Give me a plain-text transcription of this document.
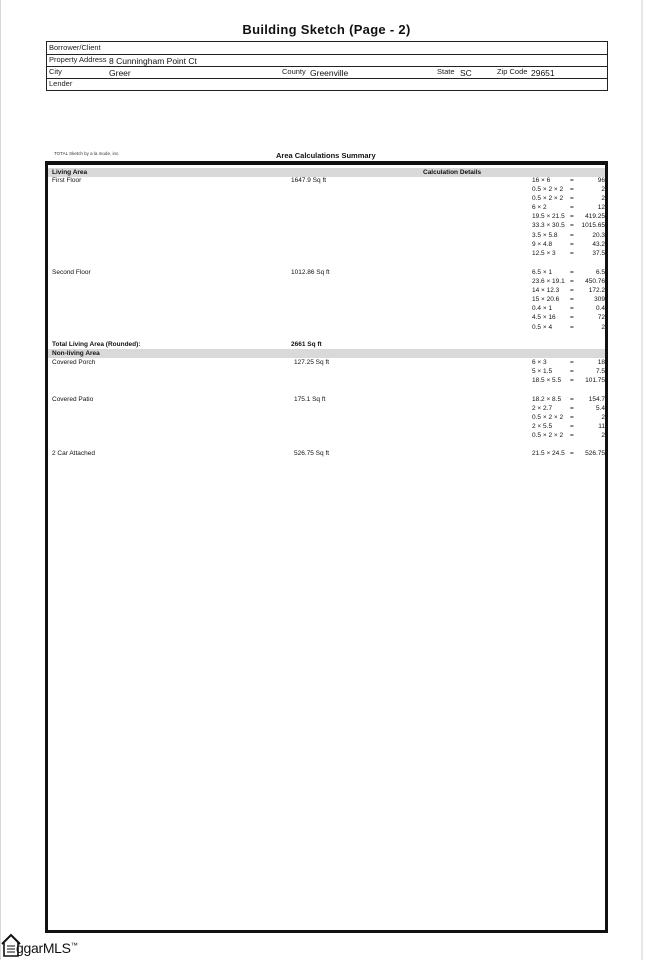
Building Sketch (Page - 2)
Borrower/Client
Property Address 8 Cunningham Point Ct
City	Greer	County Greenville	State SC	Zip Code 29651
Lender
TOTAL Sketch by a la mode, inc.	Area Calculations Summary
Living Area	Calculation Details
First Floor	1647.9 Sq ft	16 × 6	=	96
0.5 × 2 × 2 =	2
0.5 × 2 × 2 =	2
6 × 2	=	12
19.5 × 21.5 = 419.25
33.3 × 30.5 = 1015.65
3.5 × 5.8 =	20.3
9 × 4.8	=	43.2
12.5 × 3 =	37.5
Second Floor	1012.86 Sq ft	6.5 × 1	=	6.5
23.6 × 19.1 = 450.76
14 × 12.3 = 172.2
15 × 20.6 =	309
0.4 × 1	=	0.4
4.5 × 16 =	72
0.5 × 4	=	2
Total Living Area (Rounded):	2661 Sq ft
Non-living Area
Covered Porch	127.25 Sq ft	6 × 3	=	18
5 × 1.5	=	7.5
18.5 × 5.5 = 101.75
Covered Patio	175.1 Sq ft	18.2 × 8.5 = 154.7
2 × 2.7	=	5.4
0.5 × 2 × 2 =	2
2 × 5.5	=	11
0.5 × 2 × 2 =	2
2 Car Attached	526.75 Sq ft	21.5 × 24.5 = 526.75
ggarMLS™
